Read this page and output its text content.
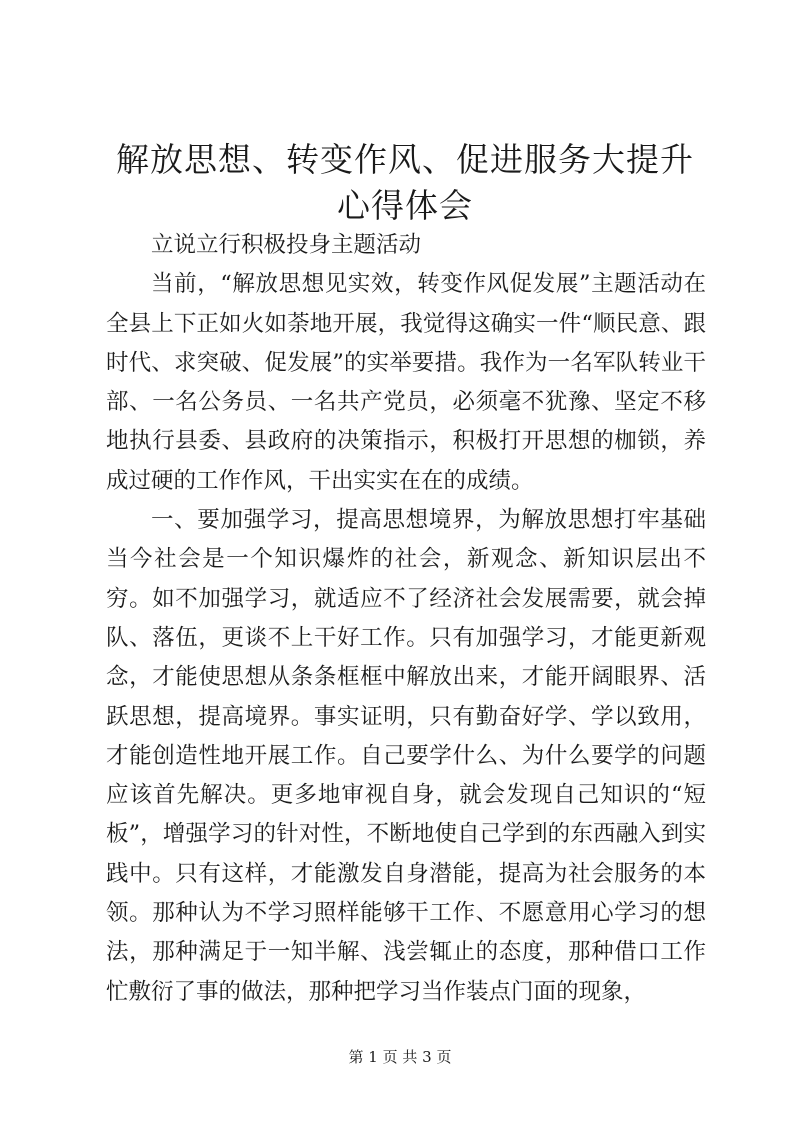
解放思想、转变作风、促进服务大提升心得体会

立说立行积极投身主题活动

当前，“解放思想见实效，转变作风促发展”主题活动在全县上下正如火如荼地开展，我觉得这确实一件“顺民意、跟时代、求突破、促发展”的实举要措。我作为一名军队转业干部、一名公务员、一名共产党员，必须毫不犹豫、坚定不移地执行县委、县政府的决策指示，积极打开思想的枷锁，养成过硬的工作作风，干出实实在在的成绩。

一、要加强学习，提高思想境界，为解放思想打牢基础当今社会是一个知识爆炸的社会，新观念、新知识层出不穷。如不加强学习，就适应不了经济社会发展需要，就会掉队、落伍，更谈不上干好工作。只有加强学习，才能更新观念，才能使思想从条条框框中解放出来，才能开阔眼界、活跃思想，提高境界。事实证明，只有勤奋好学、学以致用，才能创造性地开展工作。自己要学什么、为什么要学的问题应该首先解决。更多地审视自身，就会发现自己知识的“短板”，增强学习的针对性，不断地使自己学到的东西融入到实践中。只有这样，才能激发自身潜能，提高为社会服务的本领。那种认为不学习照样能够干工作、不愿意用心学习的想法，那种满足于一知半解、浅尝辄止的态度，那种借口工作忙敷衍了事的做法，那种把学习当作装点门面的现象，

第 1 页 共 3 页
